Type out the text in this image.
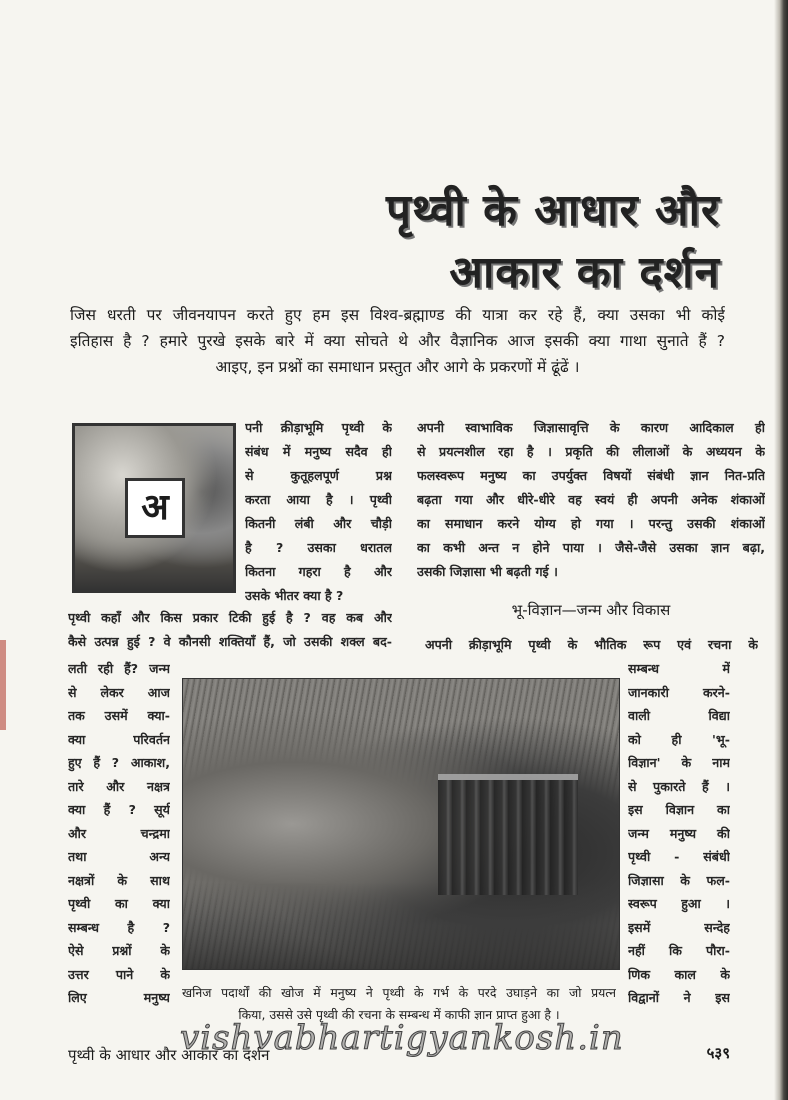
पृथ्वी के आधार और
आकार का दर्शन
जिस धरती पर जीवनयापन करते हुए हम इस विश्व-ब्रह्माण्ड की यात्रा कर रहे हैं, क्या उसका भी कोई
इतिहास है ? हमारे पुरखे इसके बारे में क्या सोचते थे और वैज्ञानिक आज इसकी क्या गाथा सुनाते हैं ?
आइए, इन प्रश्नों का समाधान प्रस्तुत और आगे के प्रकरणों में ढूंढें ।
अ
पनी क्रीड़ाभूमि पृथ्वी के
संबंध में मनुष्य सदैव ही
से कुतूहलपूर्ण प्रश्न
करता आया है । पृथ्वी
कितनी लंबी और चौड़ी
है ? उसका धरातल
कितना गहरा है और
उसके भीतर क्या है ?
पृथ्वी कहाँ और किस प्रकार टिकी हुई है ? वह कब और
कैसे उत्पन्न हुई ? वे कौनसी शक्तियाँ हैं, जो उसकी शक्ल बद-
लती रही हैं? जन्म
से लेकर आज
तक उसमें क्या-
क्या परिवर्तन
हुए हैं ? आकाश,
तारे और नक्षत्र
क्या हैं ? सूर्य
और चन्द्रमा
तथा अन्य
नक्षत्रों के साथ
पृथ्वी का क्या
सम्बन्ध है ?
ऐसे प्रश्नों के
उत्तर पाने के
लिए मनुष्य
अपनी स्वाभाविक जिज्ञासावृत्ति के कारण आदिकाल ही
से प्रयत्नशील रहा है । प्रकृति की लीलाओं के अध्ययन के
फलस्वरूप मनुष्य का उपर्युक्त विषयों संबंधी ज्ञान नित-प्रति
बढ़ता गया और धीरे-धीरे वह स्वयं ही अपनी अनेक शंकाओं
का समाधान करने योग्य हो गया । परन्तु उसकी शंकाओं
का कभी अन्त न होने पाया । जैसे-जैसे उसका ज्ञान बढ़ा,
उसकी जिज्ञासा भी बढ़ती गई ।
भू-विज्ञान—जन्म और विकास
अपनी क्रीड़ाभूमि पृथ्वी के भौतिक रूप एवं रचना के
सम्बन्ध में
जानकारी करने-
वाली विद्या
को ही 'भू-
विज्ञान' के नाम
से पुकारते हैं ।
इस विज्ञान का
जन्म मनुष्य की
पृथ्वी - संबंधी
जिज्ञासा के फल-
स्वरूप हुआ ।
इसमें सन्देह
नहीं कि पौरा-
णिक काल के
विद्वानों ने इस
खनिज पदार्थों की खोज में मनुष्य ने पृथ्वी के गर्भ के परदे उघाड़ने का जो प्रयत्न
किया, उससे उसे पृथ्वी की रचना के सम्बन्ध में काफी ज्ञान प्राप्त हुआ है ।
vishvabhartigyankosh.in
पृथ्वी के आधार और आकार का दर्शन	५३९
